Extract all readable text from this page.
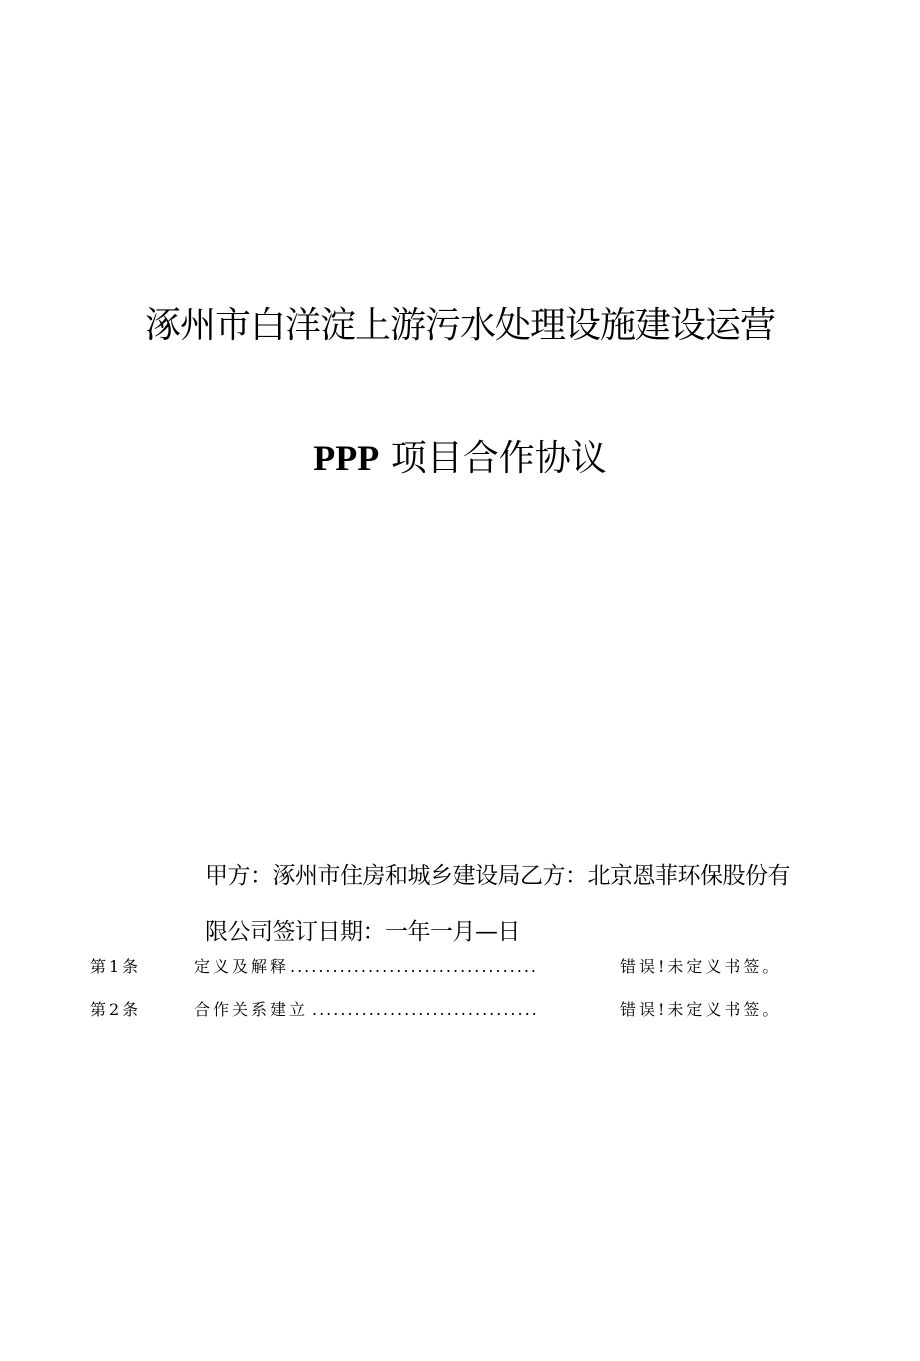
涿州市白洋淀上游污水处理设施建设运营
PPP 项目合作协议
甲方：涿州市住房和城乡建设局乙方：北京恩菲环保股份有
限公司签订日期：一年一月—日
第1条	定义及解释 ...................................	错误!未定义书签。
第2条	合作关系建立 ................................	错误!未定义书签。
